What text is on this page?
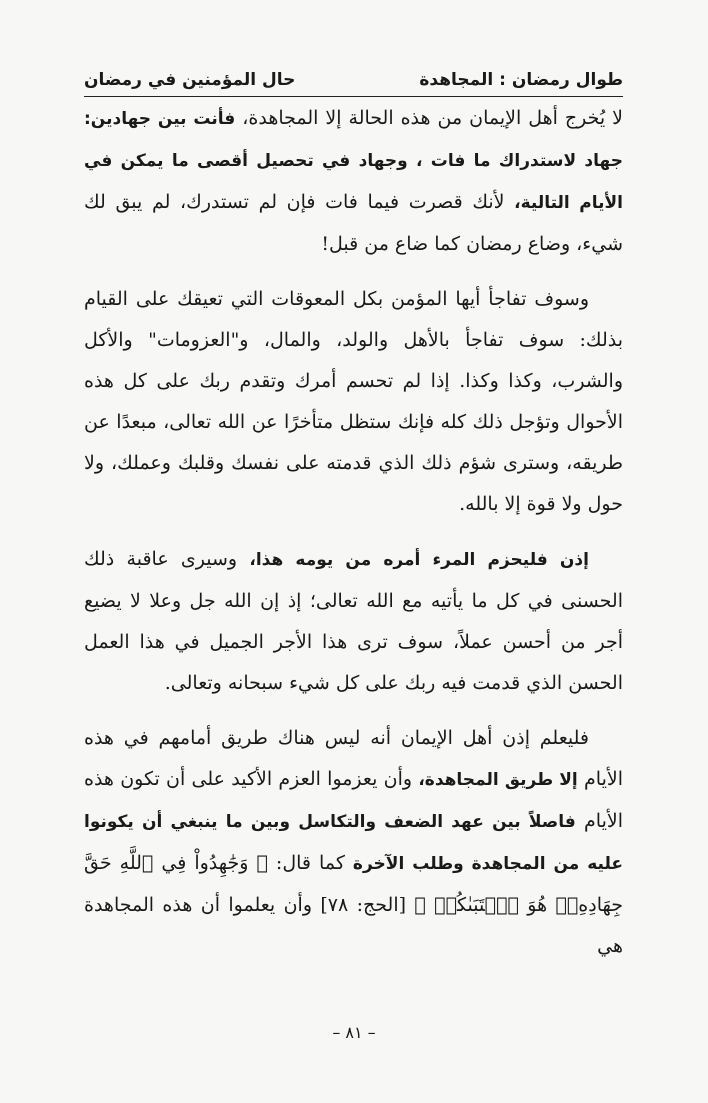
طوال رمضان : المجاهدة
حال المؤمنين في رمضان

لا يُخرج أهل الإيمان من هذه الحالة إلا المجاهدة، فأنت بين جهادين: جهاد لاستدراك ما فات ، وجهاد في تحصيل أقصى ما يمكن في الأيام التالية، لأنك قصرت فيما فات فإن لم تستدرك، لم يبق لك شيء، وضاع رمضان كما ضاع من قبل!

وسوف تفاجأ أيها المؤمن بكل المعوقات التي تعيقك على القيام بذلك: سوف تفاجأ بالأهل والولد، والمال، و"العزومات" والأكل والشرب، وكذا وكذا. إذا لم تحسم أمرك وتقدم ربك على كل هذه الأحوال وتؤجل ذلك كله فإنك ستظل متأخرًا عن الله تعالى، مبعدًا عن طريقه، وسترى شؤم ذلك الذي قدمته على نفسك وقلبك وعملك، ولا حول ولا قوة إلا بالله.

إذن فليحزم المرء أمره من يومه هذا، وسيرى عاقبة ذلك الحسنى في كل ما يأتيه مع الله تعالى؛ إذ إن الله جل وعلا لا يضيع أجر من أحسن عملاً، سوف ترى هذا الأجر الجميل في هذا العمل الحسن الذي قدمت فيه ربك على كل شيء سبحانه وتعالى.

فليعلم إذن أهل الإيمان أنه ليس هناك طريق أمامهم في هذه الأيام إلا طريق المجاهدة، وأن يعزموا العزم الأكيد على أن تكون هذه الأيام فاصلاً بين عهد الضعف والتكاسل وبين ما ينبغي أن يكونوا عليه من المجاهدة وطلب الآخرة كما قال: ﴿ وَجَٰهِدُواْ فِي ٱللَّهِ حَقَّ جِهَادِهِۦۚ هُوَ ٱجۡتَبَىٰكُمۡ ﴾ [الحج: ٧٨] وأن يعلموا أن هذه المجاهدة هي

– ٨١ –
